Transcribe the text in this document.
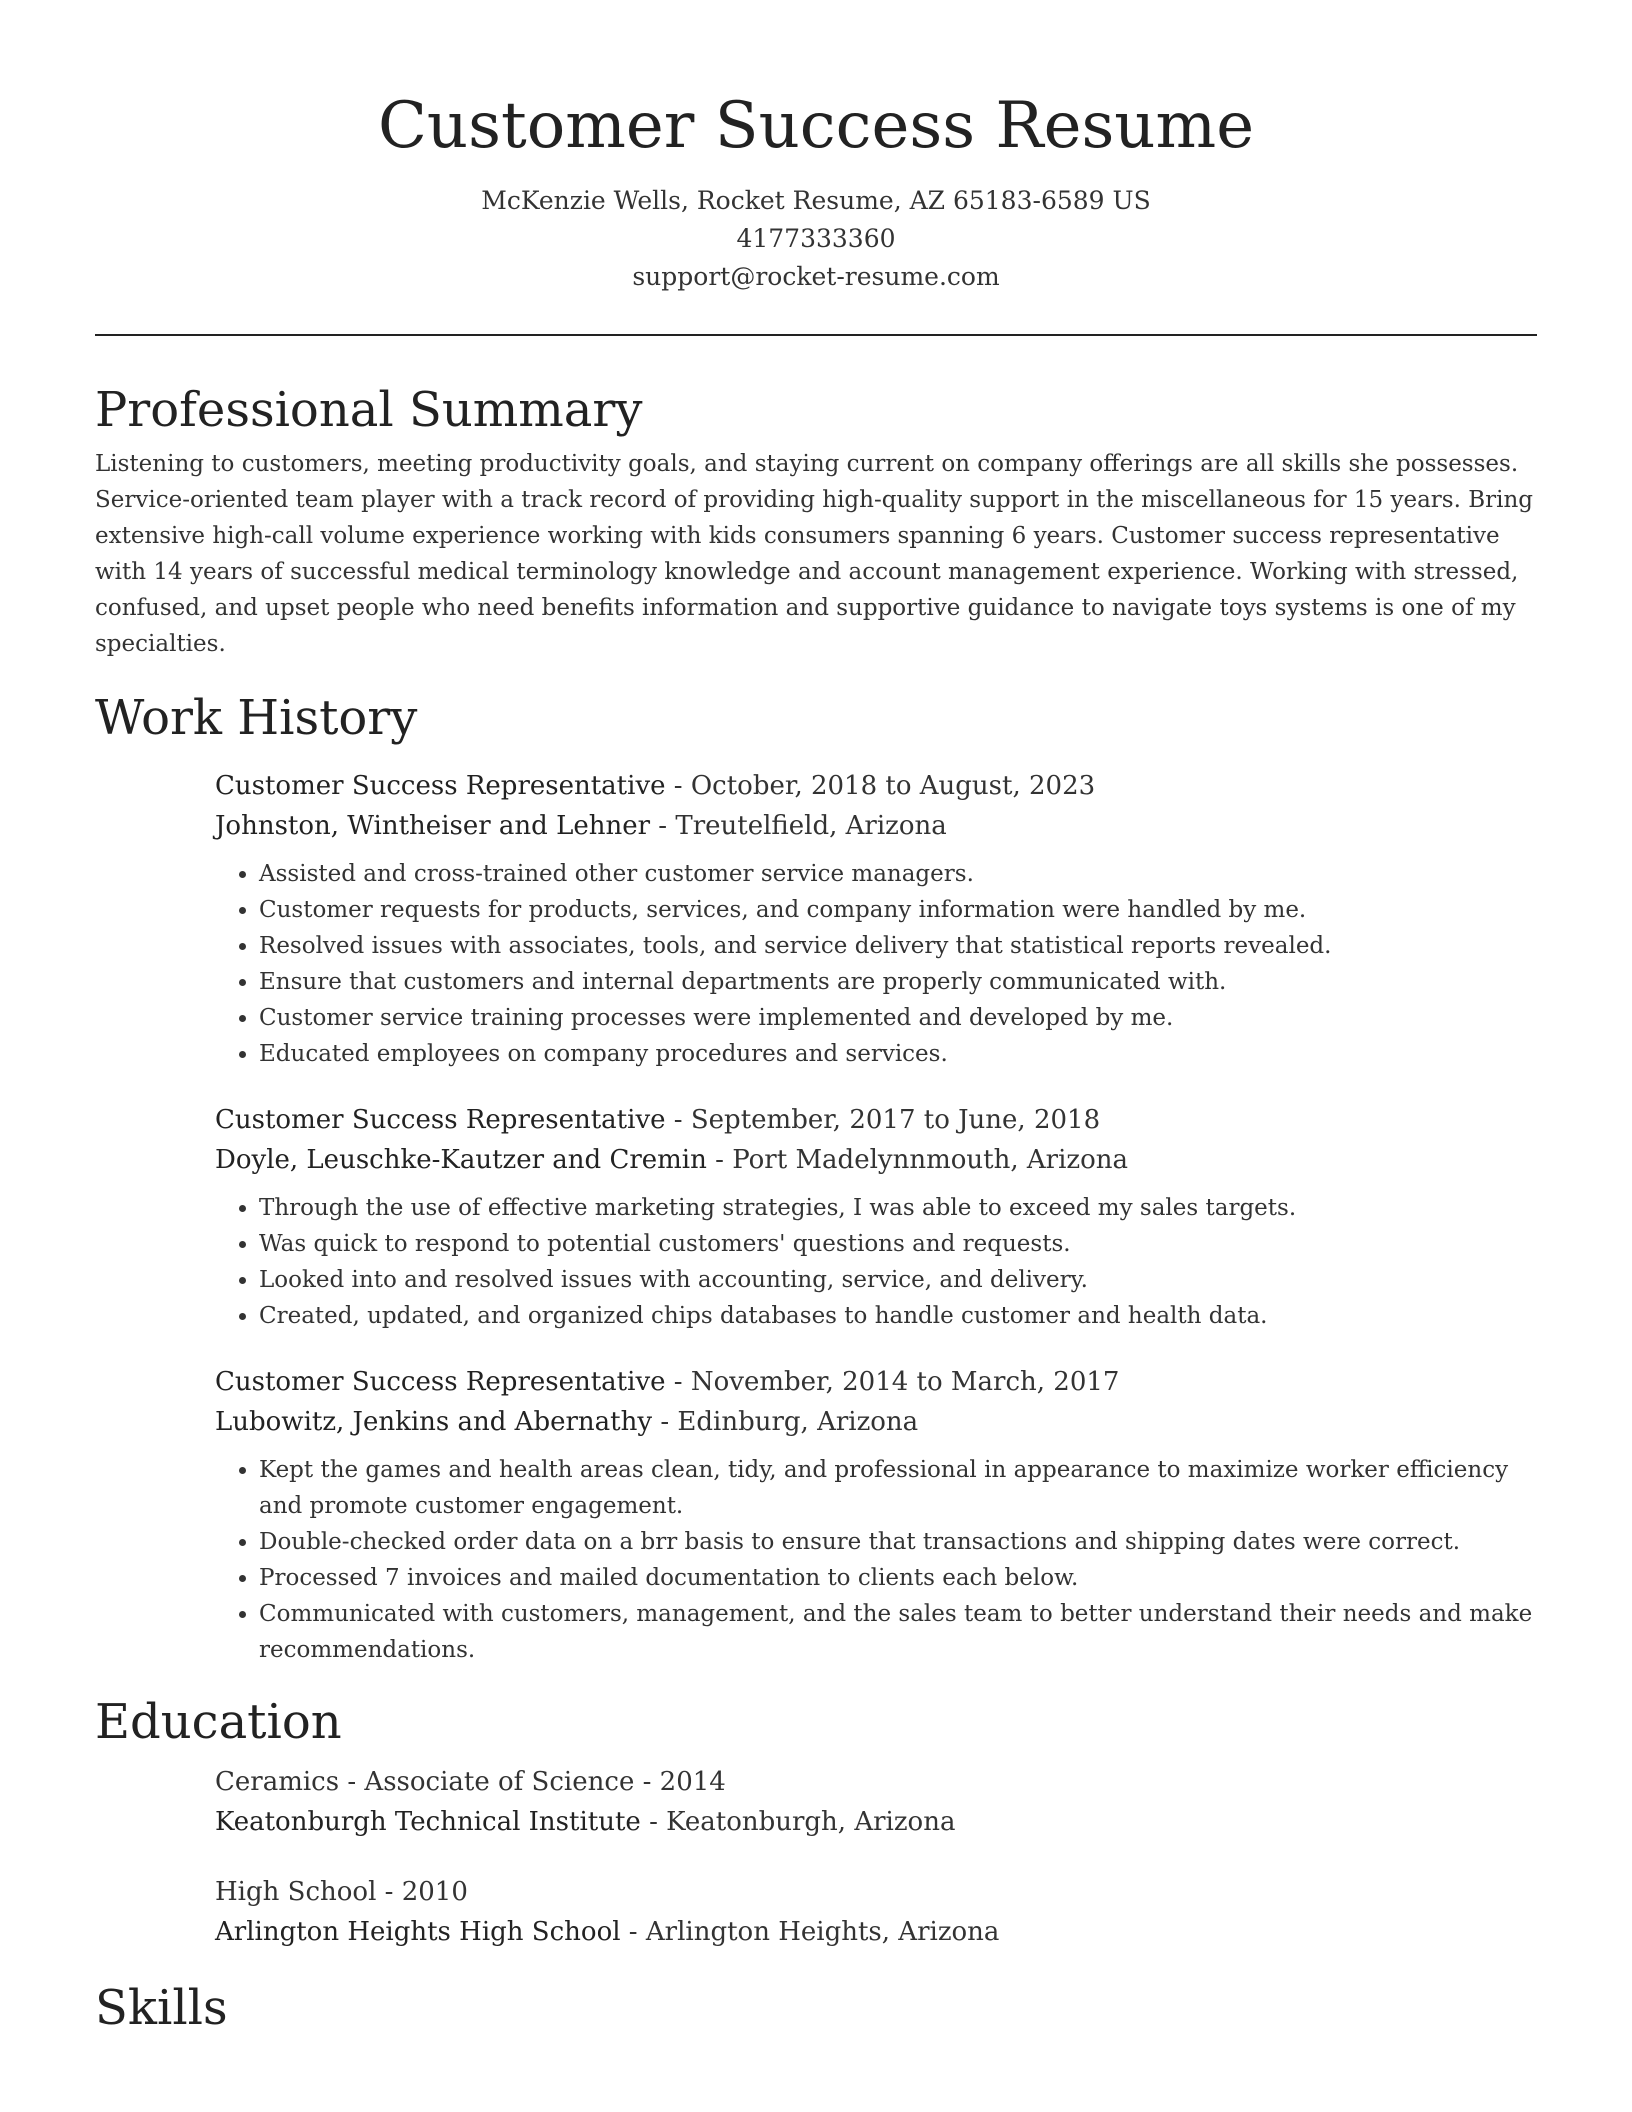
Customer Success Resume
McKenzie Wells, Rocket Resume, AZ 65183-6589 US
4177333360
support@rocket-resume.com
Professional Summary

Listening to customers, meeting productivity goals, and staying current on company offerings are all skills she possesses. Service-oriented team player with a track record of providing high-quality support in the miscellaneous for 15 years. Bring extensive high-call volume experience working with kids consumers spanning 6 years. Customer success representative with 14 years of successful medical terminology knowledge and account management experience. Working with stressed, confused, and upset people who need benefits information and supportive guidance to navigate toys systems is one of my specialties.

Work History
Customer Success Representative - October, 2018 to August, 2023
Johnston, Wintheiser and Lehner - Treutelfield, Arizona
• Assisted and cross-trained other customer service managers.
• Customer requests for products, services, and company information were handled by me.
• Resolved issues with associates, tools, and service delivery that statistical reports revealed.
• Ensure that customers and internal departments are properly communicated with.
• Customer service training processes were implemented and developed by me.
• Educated employees on company procedures and services.
Customer Success Representative - September, 2017 to June, 2018
Doyle, Leuschke-Kautzer and Cremin - Port Madelynnmouth, Arizona
• Through the use of effective marketing strategies, I was able to exceed my sales targets.
• Was quick to respond to potential customers' questions and requests.
• Looked into and resolved issues with accounting, service, and delivery.
• Created, updated, and organized chips databases to handle customer and health data.
Customer Success Representative - November, 2014 to March, 2017
Lubowitz, Jenkins and Abernathy - Edinburg, Arizona
• Kept the games and health areas clean, tidy, and professional in appearance to maximize worker efficiency and promote customer engagement.
• Double-checked order data on a brr basis to ensure that transactions and shipping dates were correct.
• Processed 7 invoices and mailed documentation to clients each below.
• Communicated with customers, management, and the sales team to better understand their needs and make recommendations.
Education
Ceramics - Associate of Science - 2014
Keatonburgh Technical Institute - Keatonburgh, Arizona
High School - 2010
Arlington Heights High School - Arlington Heights, Arizona
Skills
